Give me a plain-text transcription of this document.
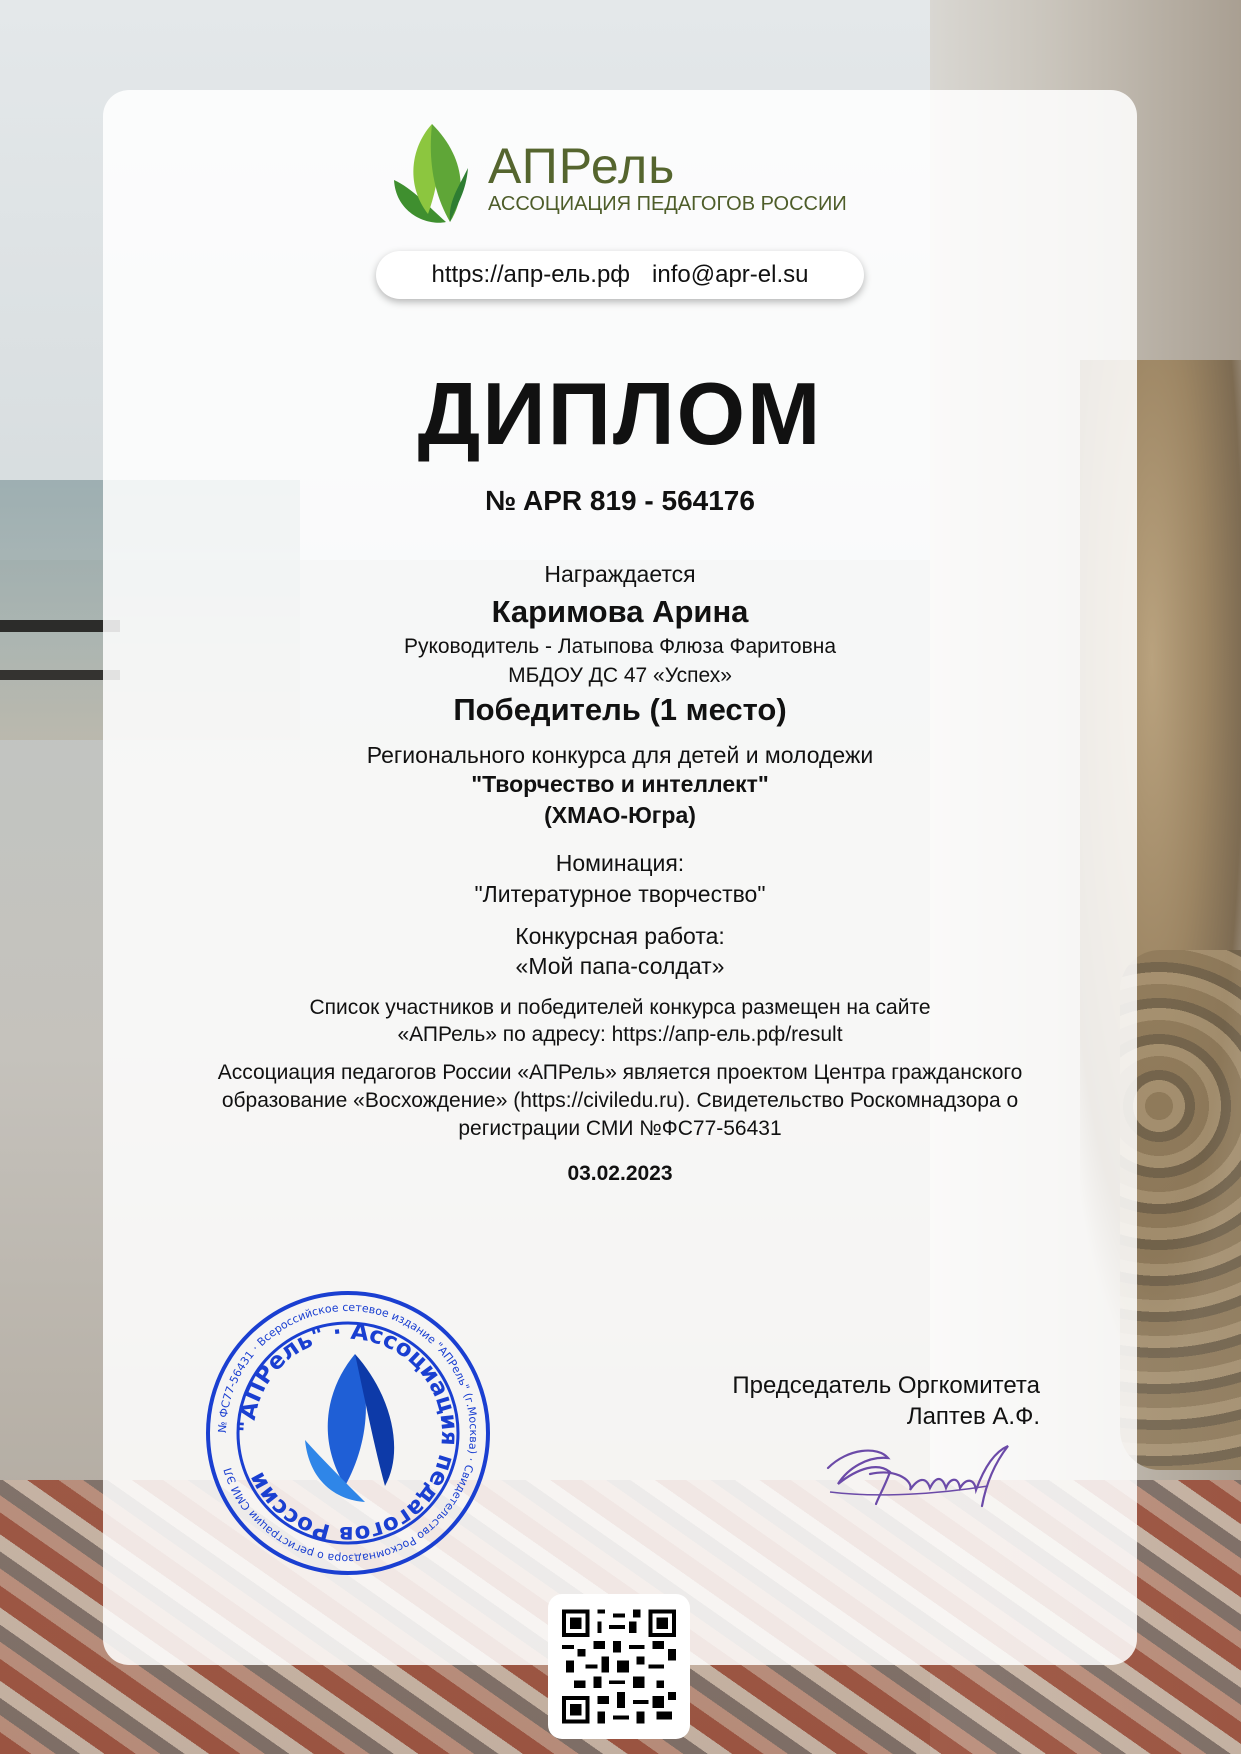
АПРель
АССОЦИАЦИЯ ПЕДАГОГОВ РОССИИ
https://апр-ель.рф info@apr-el.su
ДИПЛОМ
№ APR 819 - 564176
Награждается
Каримова Арина
Руководитель - Латыпова Флюза Фаритовна
МБДОУ ДС 47 «Успех»
Победитель (1 место)
Регионального конкурса для детей и молодежи
"Творчество и интеллект"
(ХМАО-Югра)
Номинация:
"Литературное творчество"
Конкурсная работа:
«Мой папа-солдат»
Список участников и победителей конкурса размещен на сайте
«АПРель» по адресу: https://апр-ель.рф/result
Ассоциация педагогов России «АПРель» является проектом Центра гражданского
образование «Восхождение» (https://civiledu.ru). Свидетельство Роскомнадзора о
регистрации СМИ №ФС77-56431
03.02.2023
№ ФС77-56431 · Всероссийское сетевое издание "АПРель" (г.Москва) · Свидетельство Роскомнадзора о регистрации СМИ ЭЛ
"АПРель" · Ассоциация педагогов России
Председатель Оргкомитета
Лаптев А.Ф.
